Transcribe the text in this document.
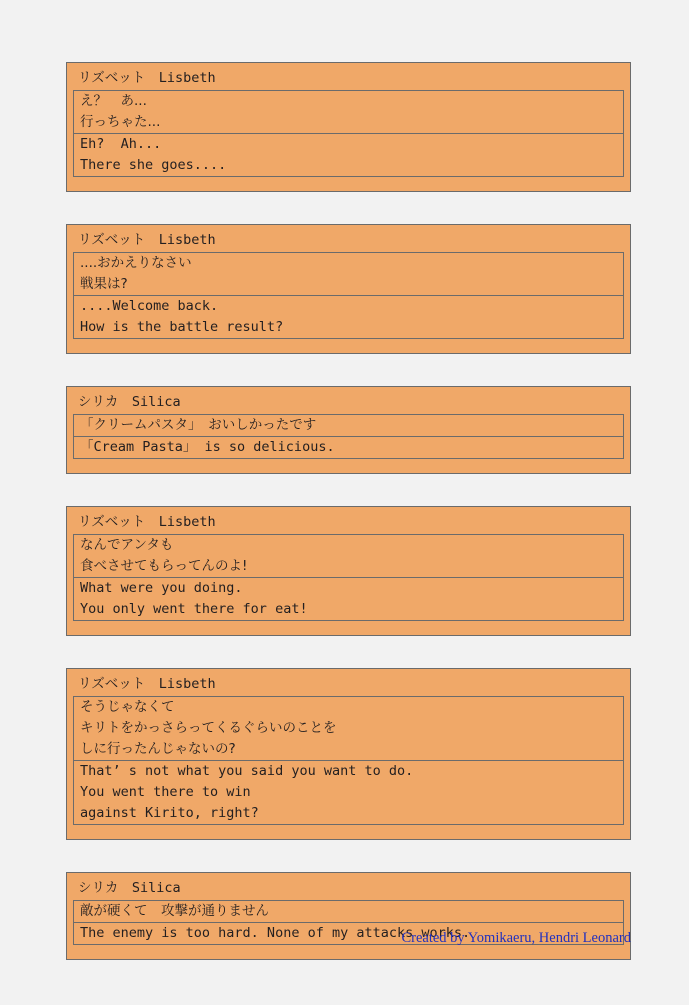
リズベット　Lisbeth
え？　あ...
行っちゃた...
Eh?  Ah...
There she goes....
リズベット　Lisbeth
....おかえりなさい
戦果は?
....Welcome back.
How is the battle result?
シリカ　Silica
「クリームパスタ」　おいしかったです
「Cream Pasta」 is so delicious.
リズベット　Lisbeth
なんでアンタも
食べさせてもらってんのよ!
What were you doing.
You only went there for eat!
リズベット　Lisbeth
そうじゃなくて
キリトをかっさらってくるぐらいのことを
しに行ったんじゃないの?
That’ s not what you said you want to do.
You went there to win
against Kirito, right?
シリカ　Silica
敵が硬くて　攻撃が通りません
The enemy is too hard. None of my attacks works.
Created by Yomikaeru, Hendri Leonard
